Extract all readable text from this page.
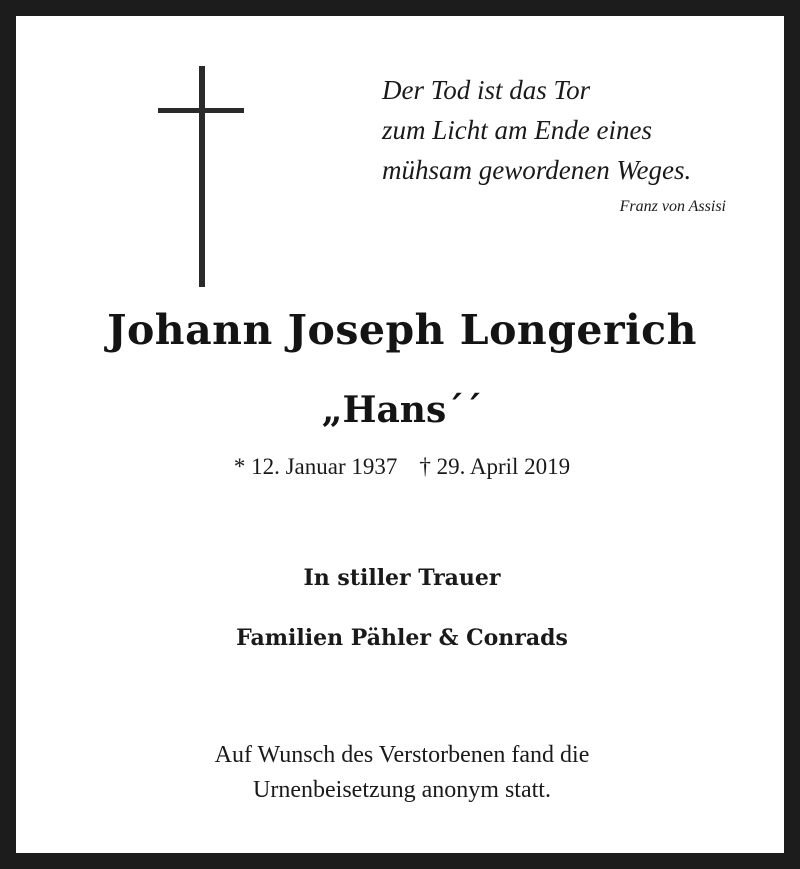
Der Tod ist das Tor
zum Licht am Ende eines
mühsam gewordenen Weges.
Franz von Assisi
Johann Joseph Longerich
„Hans´´
* 12. Januar 1937 † 29. April 2019
In stiller Trauer
Familien Pähler & Conrads
Auf Wunsch des Verstorbenen fand die
Urnenbeisetzung anonym statt.
